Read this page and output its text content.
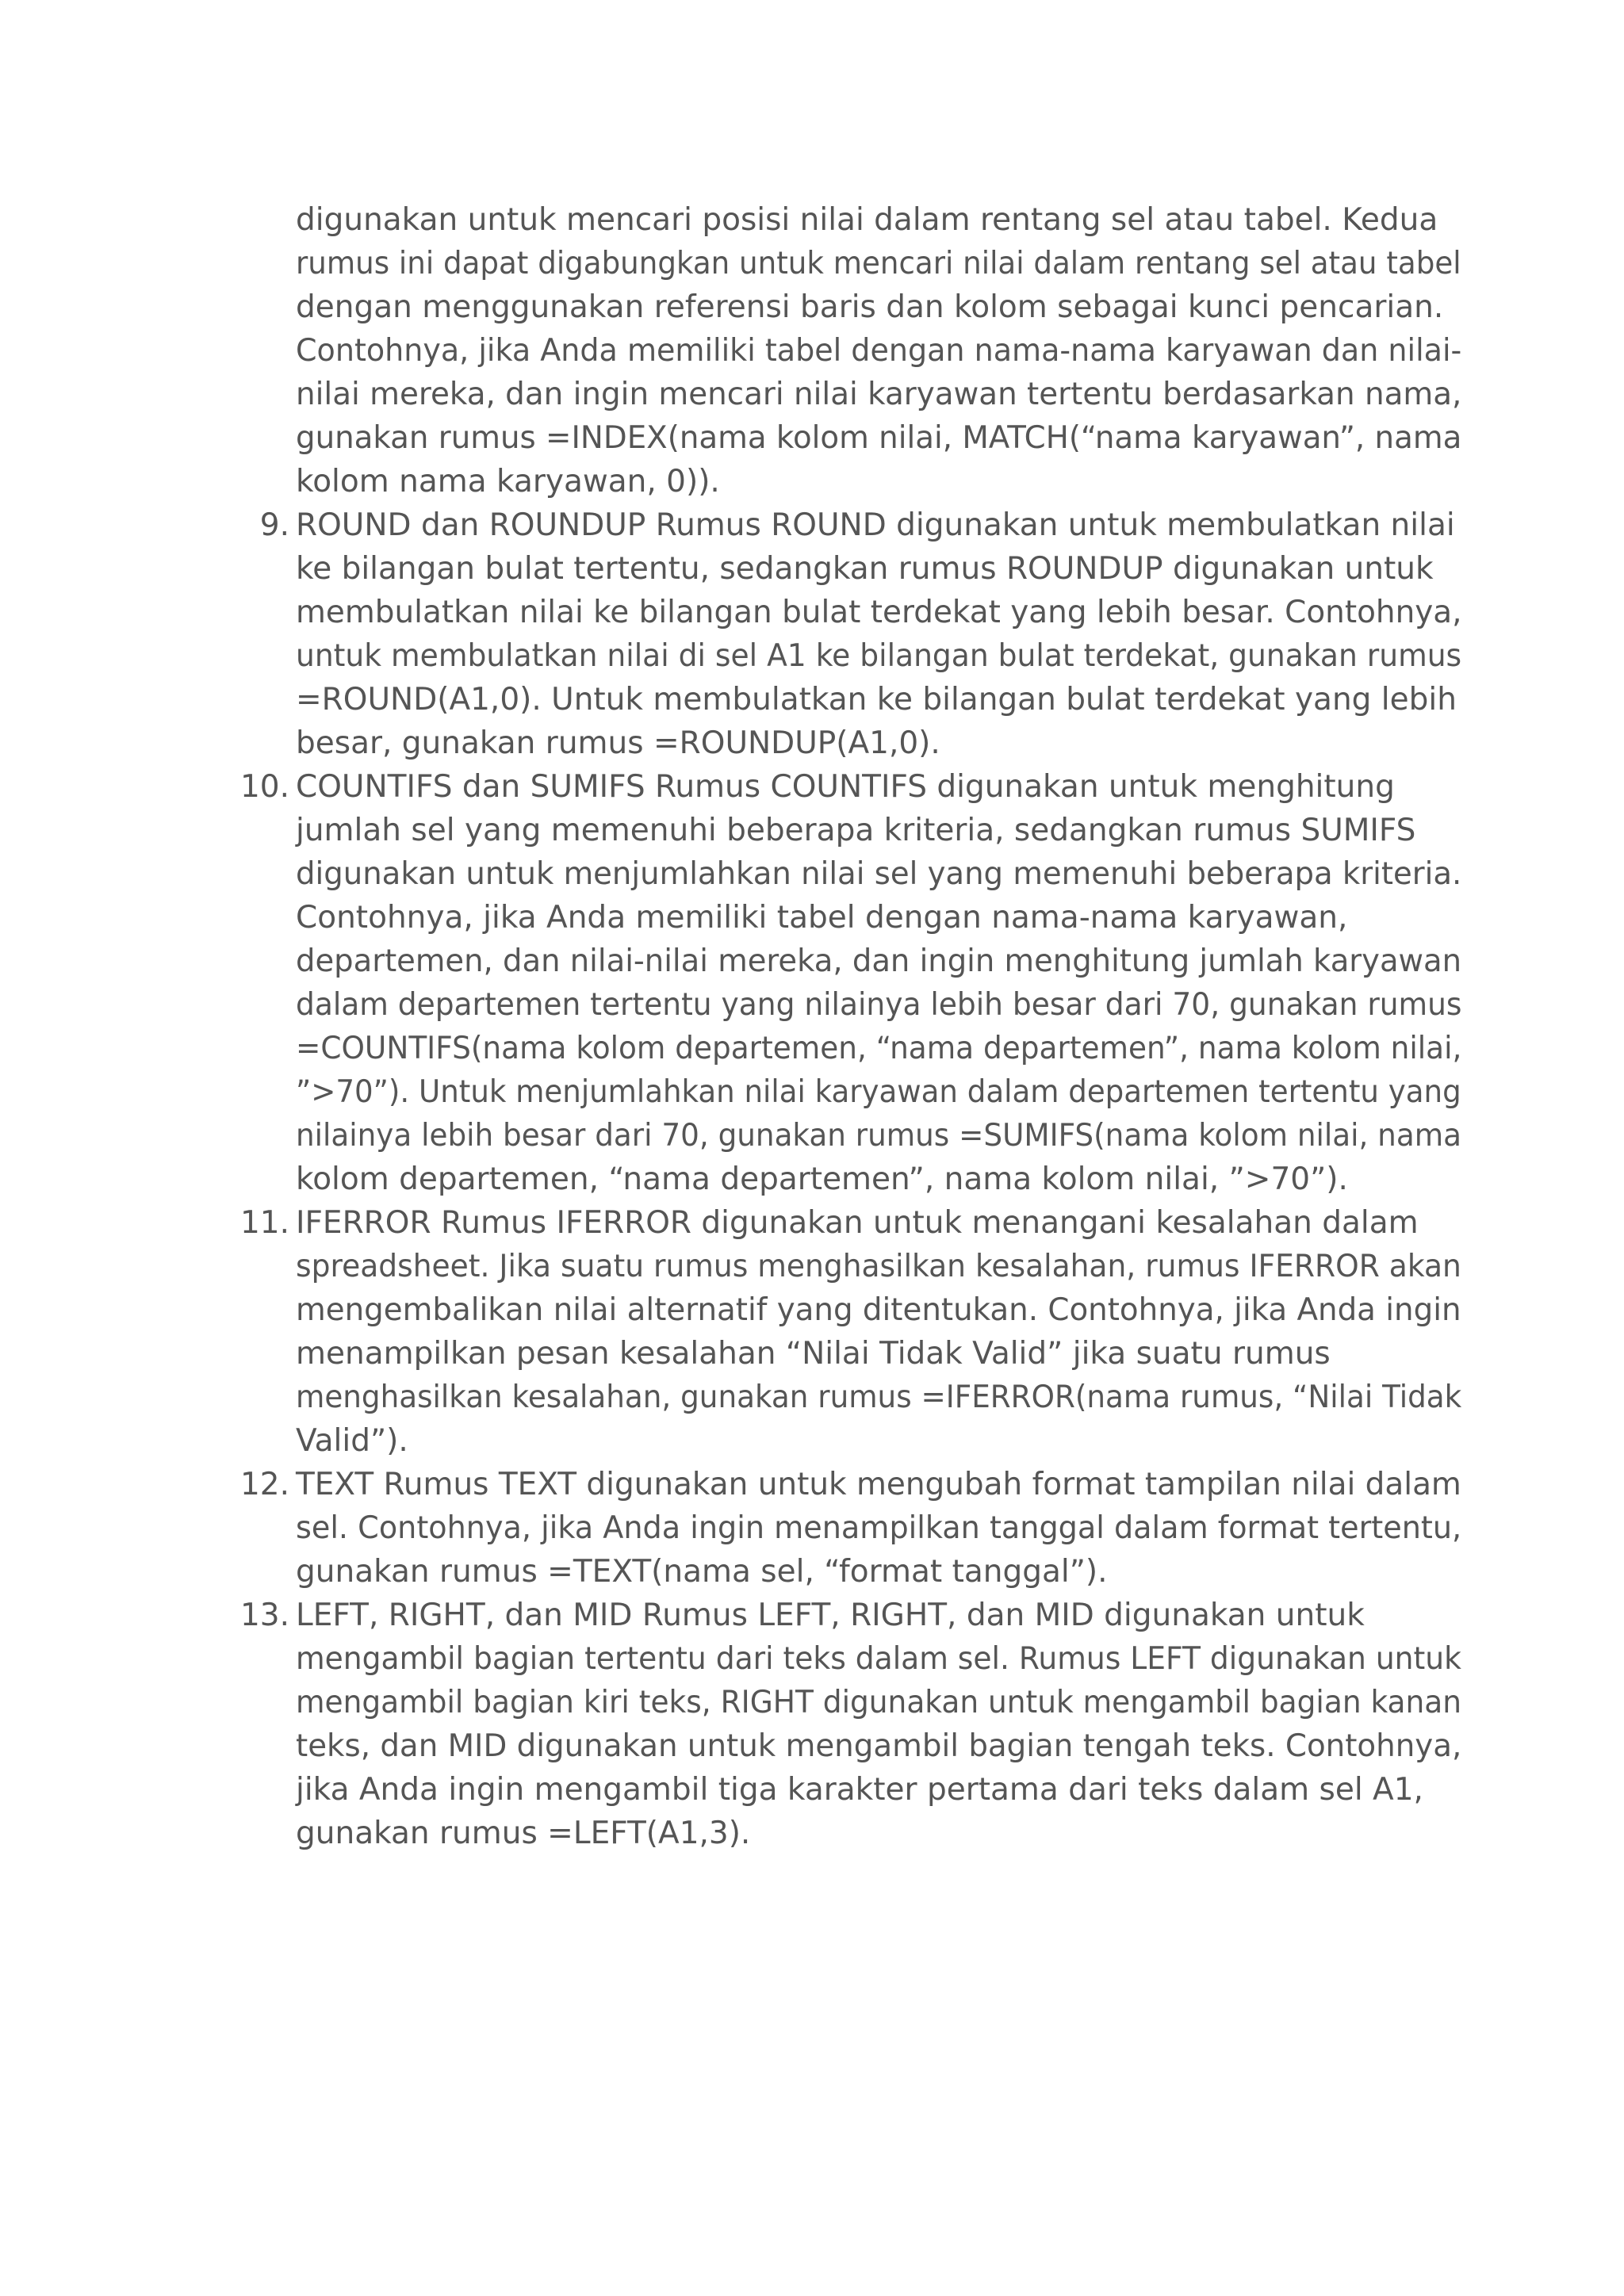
digunakan untuk mencari posisi nilai dalam rentang sel atau tabel. Kedua
rumus ini dapat digabungkan untuk mencari nilai dalam rentang sel atau tabel
dengan menggunakan referensi baris dan kolom sebagai kunci pencarian.
Contohnya, jika Anda memiliki tabel dengan nama-nama karyawan dan nilai-
nilai mereka, dan ingin mencari nilai karyawan tertentu berdasarkan nama,
gunakan rumus =INDEX(nama kolom nilai, MATCH(“nama karyawan”, nama
kolom nama karyawan, 0)).
9. ROUND dan ROUNDUP Rumus ROUND digunakan untuk membulatkan nilai
ke bilangan bulat tertentu, sedangkan rumus ROUNDUP digunakan untuk
membulatkan nilai ke bilangan bulat terdekat yang lebih besar. Contohnya,
untuk membulatkan nilai di sel A1 ke bilangan bulat terdekat, gunakan rumus
=ROUND(A1,0). Untuk membulatkan ke bilangan bulat terdekat yang lebih
besar, gunakan rumus =ROUNDUP(A1,0).
10. COUNTIFS dan SUMIFS Rumus COUNTIFS digunakan untuk menghitung
jumlah sel yang memenuhi beberapa kriteria, sedangkan rumus SUMIFS
digunakan untuk menjumlahkan nilai sel yang memenuhi beberapa kriteria.
Contohnya, jika Anda memiliki tabel dengan nama-nama karyawan,
departemen, dan nilai-nilai mereka, dan ingin menghitung jumlah karyawan
dalam departemen tertentu yang nilainya lebih besar dari 70, gunakan rumus
=COUNTIFS(nama kolom departemen, “nama departemen”, nama kolom nilai,
”>70”). Untuk menjumlahkan nilai karyawan dalam departemen tertentu yang
nilainya lebih besar dari 70, gunakan rumus =SUMIFS(nama kolom nilai, nama
kolom departemen, “nama departemen”, nama kolom nilai, ”>70”).
11. IFERROR Rumus IFERROR digunakan untuk menangani kesalahan dalam
spreadsheet. Jika suatu rumus menghasilkan kesalahan, rumus IFERROR akan
mengembalikan nilai alternatif yang ditentukan. Contohnya, jika Anda ingin
menampilkan pesan kesalahan “Nilai Tidak Valid” jika suatu rumus
menghasilkan kesalahan, gunakan rumus =IFERROR(nama rumus, “Nilai Tidak
Valid”).
12. TEXT Rumus TEXT digunakan untuk mengubah format tampilan nilai dalam
sel. Contohnya, jika Anda ingin menampilkan tanggal dalam format tertentu,
gunakan rumus =TEXT(nama sel, “format tanggal”).
13. LEFT, RIGHT, dan MID Rumus LEFT, RIGHT, dan MID digunakan untuk
mengambil bagian tertentu dari teks dalam sel. Rumus LEFT digunakan untuk
mengambil bagian kiri teks, RIGHT digunakan untuk mengambil bagian kanan
teks, dan MID digunakan untuk mengambil bagian tengah teks. Contohnya,
jika Anda ingin mengambil tiga karakter pertama dari teks dalam sel A1,
gunakan rumus =LEFT(A1,3).
